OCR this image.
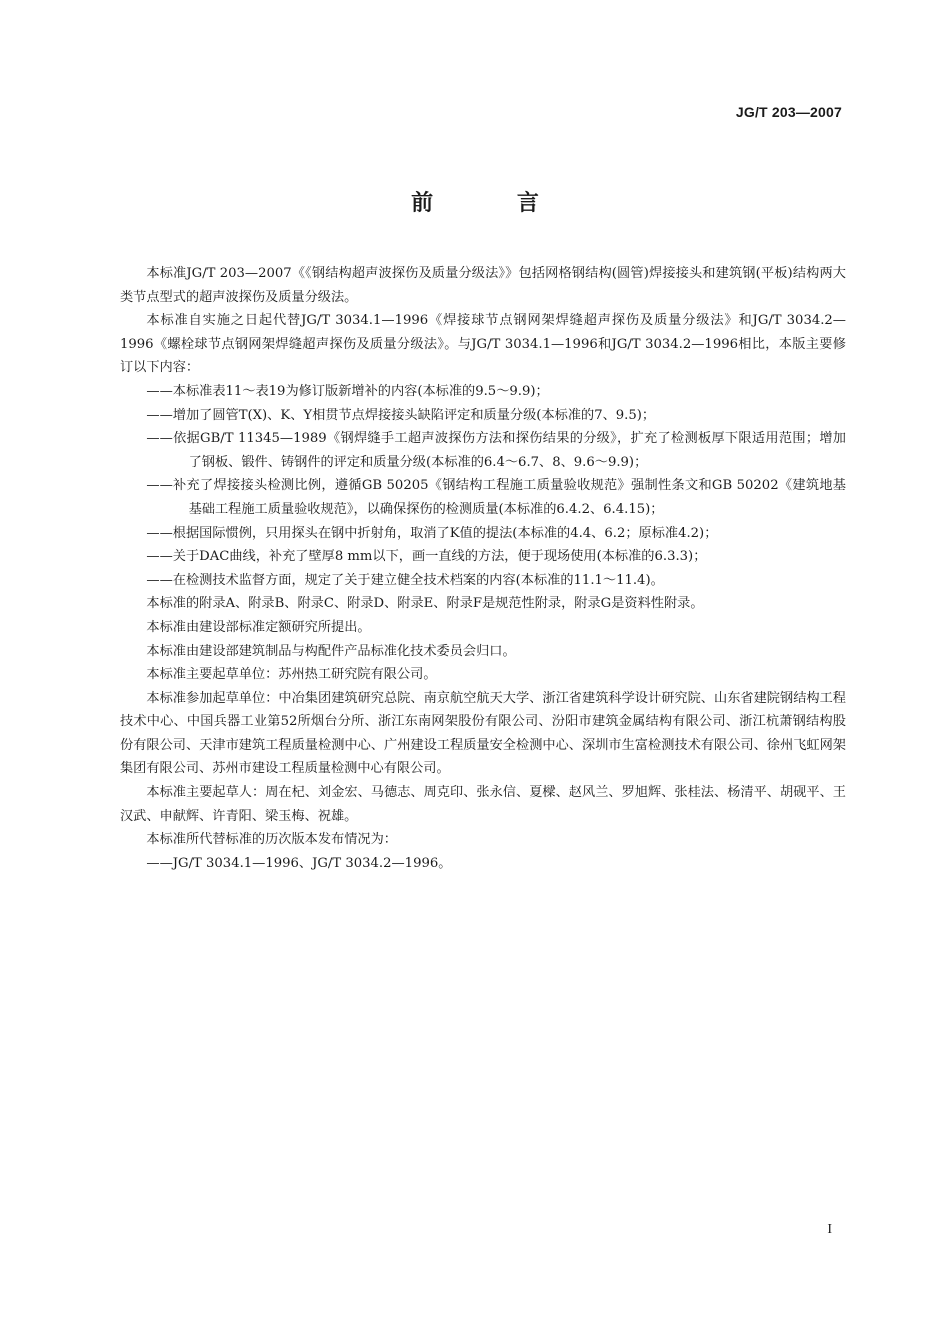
JG/T 203—2007
前 言

本标准JG/T 203—2007《《钢结构超声波探伤及质量分级法》》包括网格钢结构(圆管)焊接接头和建筑钢(平板)结构两大类节点型式的超声波探伤及质量分级法。

本标准自实施之日起代替JG/T 3034.1—1996《焊接球节点钢网架焊缝超声探伤及质量分级法》和JG/T 3034.2—1996《螺栓球节点钢网架焊缝超声探伤及质量分级法》。与JG/T 3034.1—1996和JG/T 3034.2—1996相比，本版主要修订以下内容：

——本标准表11～表19为修订版新增补的内容(本标准的9.5～9.9)；

——增加了圆管T(X)、K、Y相贯节点焊接接头缺陷评定和质量分级(本标准的7、9.5)；

——依据GB/T 11345—1989《钢焊缝手工超声波探伤方法和探伤结果的分级》，扩充了检测板厚下限适用范围；增加了钢板、锻件、铸钢件的评定和质量分级(本标准的6.4～6.7、8、9.6～9.9)；

——补充了焊接接头检测比例，遵循GB 50205《钢结构工程施工质量验收规范》强制性条文和GB 50202《建筑地基基础工程施工质量验收规范》，以确保探伤的检测质量(本标准的6.4.2、6.4.15)；

——根据国际惯例，只用探头在钢中折射角，取消了K值的提法(本标准的4.4、6.2；原标准4.2)；

——关于DAC曲线，补充了壁厚8 mm以下，画一直线的方法，便于现场使用(本标准的6.3.3)；

——在检测技术监督方面，规定了关于建立健全技术档案的内容(本标准的11.1～11.4)。

本标准的附录A、附录B、附录C、附录D、附录E、附录F是规范性附录，附录G是资料性附录。

本标准由建设部标准定额研究所提出。

本标准由建设部建筑制品与构配件产品标准化技术委员会归口。

本标准主要起草单位：苏州热工研究院有限公司。

本标准参加起草单位：中冶集团建筑研究总院、南京航空航天大学、浙江省建筑科学设计研究院、山东省建院钢结构工程技术中心、中国兵器工业第52所烟台分所、浙江东南网架股份有限公司、汾阳市建筑金属结构有限公司、浙江杭萧钢结构股份有限公司、天津市建筑工程质量检测中心、广州建设工程质量安全检测中心、深圳市生富检测技术有限公司、徐州飞虹网架集团有限公司、苏州市建设工程质量检测中心有限公司。

本标准主要起草人：周在杞、刘金宏、马德志、周克印、张永信、夏樑、赵风兰、罗旭辉、张桂法、杨清平、胡砚平、王汉武、申献辉、许青阳、梁玉梅、祝雄。

本标准所代替标准的历次版本发布情况为：

——JG/T 3034.1—1996、JG/T 3034.2—1996。

I
